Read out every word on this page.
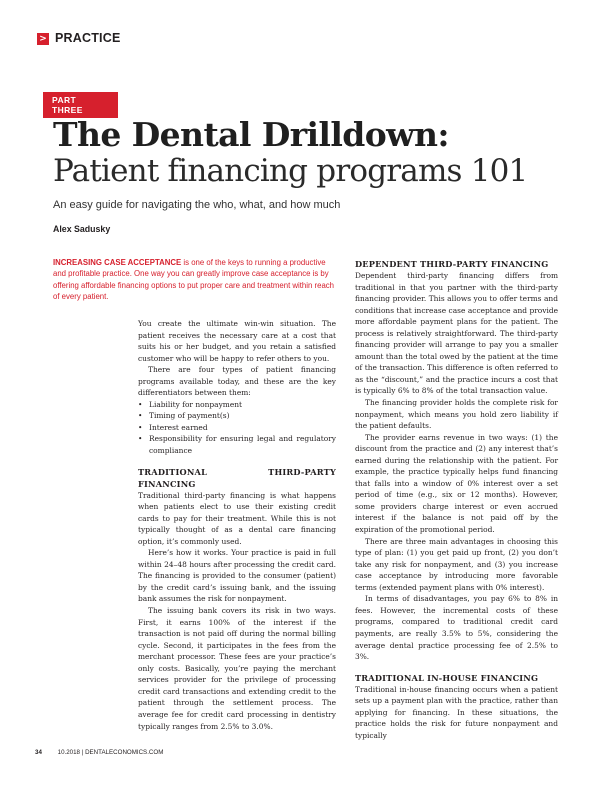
> PRACTICE
PART THREE
The Dental Drilldown:
Patient financing programs 101
An easy guide for navigating the who, what, and how much
Alex Sadusky
INCREASING CASE ACCEPTANCE is one of the keys to running a productive and profitable practice. One way you can greatly improve case acceptance is by offering affordable financing options to put proper care and treatment within reach of every patient.

You create the ultimate win-win situation. The patient receives the necessary care at a cost that suits his or her budget, and you retain a satisfied customer who will be happy to refer others to you.

There are four types of patient financing programs available today, and these are the key differentiators between them:

• Liability for nonpayment
• Timing of payment(s)
• Interest earned
• Responsibility for ensuring legal and regulatory compliance
TRADITIONAL THIRD-PARTY FINANCING

Traditional third-party financing is what happens when patients elect to use their existing credit cards to pay for their treatment. While this is not typically thought of as a dental care financing option, it’s commonly used.

Here’s how it works. Your practice is paid in full within 24–48 hours after processing the credit card. The financing is provided to the consumer (patient) by the credit card’s issuing bank, and the issuing bank assumes the risk for nonpayment.

The issuing bank covers its risk in two ways. First, it earns 100% of the interest if the transaction is not paid off during the normal billing cycle. Second, it participates in the fees from the merchant processor. These fees are your practice’s only costs. Basically, you’re paying the merchant services provider for the privilege of processing credit card transactions and extending credit to the patient through the settlement process. The average fee for credit card processing in dentistry typically ranges from 2.5% to 3.0%.

DEPENDENT THIRD-PARTY FINANCING

Dependent third-party financing differs from traditional in that you partner with the third-party financing provider. This allows you to offer terms and conditions that increase case acceptance and provide more affordable payment plans for the patient. The process is relatively straightforward. The third-party financing provider will arrange to pay you a smaller amount than the total owed by the patient at the time of the transaction. This difference is often referred to as the “discount,” and the practice incurs a cost that is typically 6% to 8% of the total transaction value.

The financing provider holds the complete risk for nonpayment, which means you hold zero liability if the patient defaults.

The provider earns revenue in two ways: (1) the discount from the practice and (2) any interest that’s earned during the relationship with the patient. For example, the practice typically helps fund financing that falls into a window of 0% interest over a set period of time (e.g., six or 12 months). However, some providers charge interest or even accrued interest if the balance is not paid off by the expiration of the promotional period.

There are three main advantages in choosing this type of plan: (1) you get paid up front, (2) you don’t take any risk for nonpayment, and (3) you increase case acceptance by introducing more favorable terms (extended payment plans with 0% interest).

In terms of disadvantages, you pay 6% to 8% in fees. However, the incremental costs of these programs, compared to traditional credit card payments, are really 3.5% to 5%, considering the average dental practice processing fee of 2.5% to 3%.

TRADITIONAL IN-HOUSE FINANCING

Traditional in-house financing occurs when a patient sets up a payment plan with the practice, rather than applying for financing. In these situations, the practice holds the risk for future nonpayment and typically

34	10.2018 | DENTALECONOMICS.COM
